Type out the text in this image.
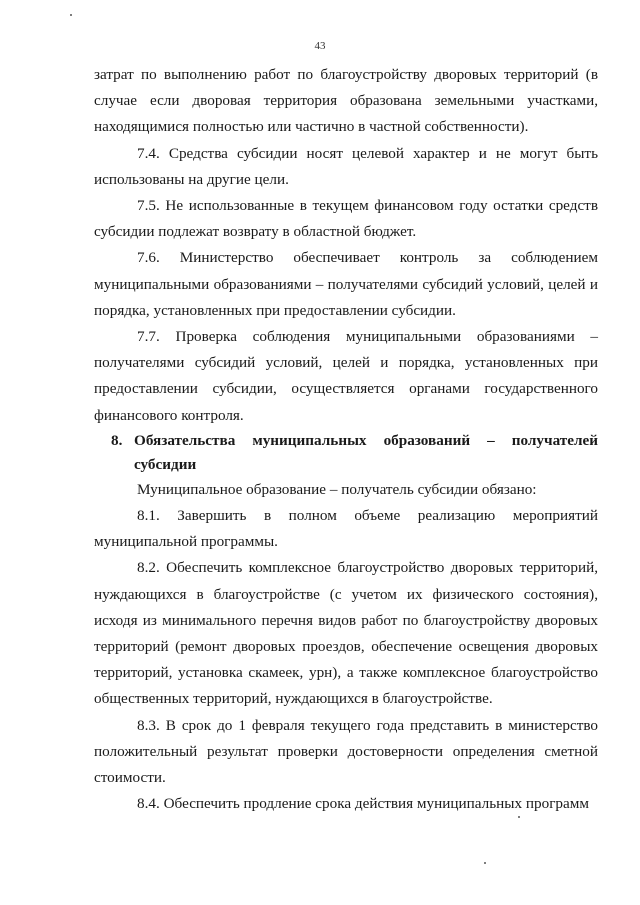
43

затрат по выполнению работ по благоустройству дворовых территорий (в случае если дворовая территория образована земельными участками, находящимися полностью или частично в частной собственности).

7.4. Средства субсидии носят целевой характер и не могут быть использованы на другие цели.

7.5. Не использованные в текущем финансовом году остатки средств субсидии подлежат возврату в областной бюджет.

7.6. Министерство обеспечивает контроль за соблюдением муниципальными образованиями – получателями субсидий условий, целей и порядка, установленных при предоставлении субсидии.

7.7. Проверка соблюдения муниципальными образованиями – получателями субсидий условий, целей и порядка, установленных при предоставлении субсидии, осуществляется органами государственного финансового контроля.

8. Обязательства муниципальных образований – получателей субсидии

Муниципальное образование – получатель субсидии обязано:

8.1. Завершить в полном объеме реализацию мероприятий муниципальной программы.

8.2. Обеспечить комплексное благоустройство дворовых территорий, нуждающихся в благоустройстве (с учетом их физического состояния), исходя из минимального перечня видов работ по благоустройству дворовых территорий (ремонт дворовых проездов, обеспечение освещения дворовых территорий, установка скамеек, урн), а также комплексное благоустройство общественных территорий, нуждающихся в благоустройстве.

8.3. В срок до 1 февраля текущего года представить в министерство положительный результат проверки достоверности определения сметной стоимости.

8.4. Обеспечить продление срока действия муниципальных программ
